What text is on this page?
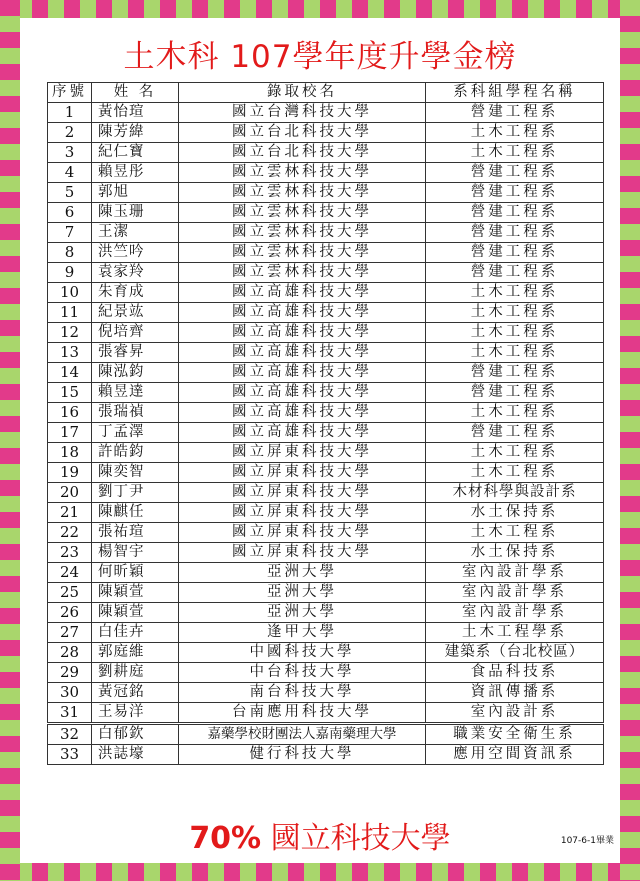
土木科 107學年度升學金榜
序號	姓 名	錄取校名	系科組學程名稱
1	黃怡瑄	國立台灣科技大學	營建工程系
2	陳芳緯	國立台北科技大學	土木工程系
3	紀仁寶	國立台北科技大學	土木工程系
4	賴昱彤	國立雲林科技大學	營建工程系
5	郭旭	國立雲林科技大學	營建工程系
6	陳玉珊	國立雲林科技大學	營建工程系
7	王潔	國立雲林科技大學	營建工程系
8	洪竺吟	國立雲林科技大學	營建工程系
9	袁家羚	國立雲林科技大學	營建工程系
10	朱育成	國立高雄科技大學	土木工程系
11	紀景竑	國立高雄科技大學	土木工程系
12	倪培齊	國立高雄科技大學	土木工程系
13	張睿昇	國立高雄科技大學	土木工程系
14	陳泓鈞	國立高雄科技大學	營建工程系
15	賴昱達	國立高雄科技大學	營建工程系
16	張瑞禎	國立高雄科技大學	土木工程系
17	丁孟澤	國立高雄科技大學	營建工程系
18	許皓鈞	國立屏東科技大學	土木工程系
19	陳奕智	國立屏東科技大學	土木工程系
20	劉丁尹	國立屏東科技大學	木材科學與設計系
21	陳麒任	國立屏東科技大學	水土保持系
22	張祐瑄	國立屏東科技大學	土木工程系
23	楊智宇	國立屏東科技大學	水土保持系
24	何昕穎	亞洲大學	室內設計學系
25	陳穎萱	亞洲大學	室內設計學系
26	陳穎萱	亞洲大學	室內設計學系
27	白佳卉	逢甲大學	土木工程學系
28	郭庭維	中國科技大學	建築系（台北校區）
29	劉耕庭	中台科技大學	食品科技系
30	黃冠銘	南台科技大學	資訊傳播系
31	王易洋	台南應用科技大學	室內設計系
32	白郁欽	嘉藥學校財團法人嘉南藥理大學	職業安全衛生系
33	洪誌壕	健行科技大學	應用空間資訊系
70% 國立科技大學	107-6-1畢業
